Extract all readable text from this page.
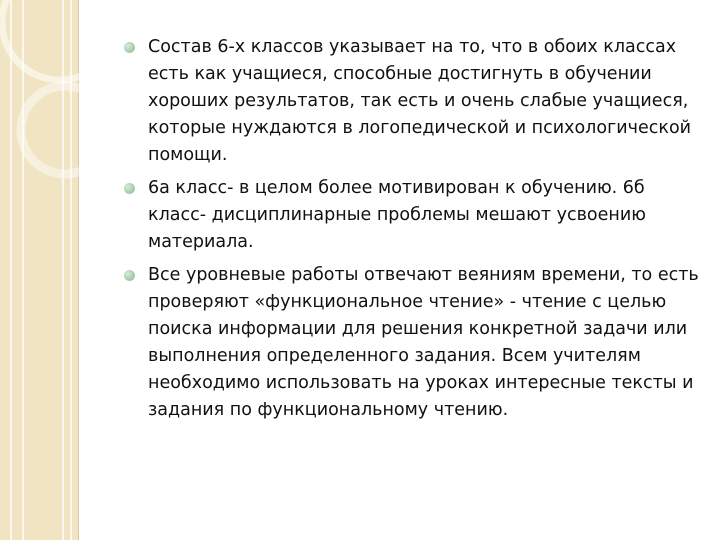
Состав 6-х классов указывает на то, что в обоих классах есть как учащиеся, способные достигнуть в обучении хороших результатов, так есть и очень слабые учащиеся, которые нуждаются в логопедической и психологической помощи.
6а класс- в целом более мотивирован к обучению. 6б класс- дисциплинарные проблемы мешают усвоению материала.
Все уровневые работы отвечают веяниям времени, то есть проверяют «функциональное чтение» - чтение с целью поиска информации для решения конкретной задачи или выполнения определенного задания. Всем учителям необходимо использовать на уроках интересные тексты и задания по функциональному чтению.
